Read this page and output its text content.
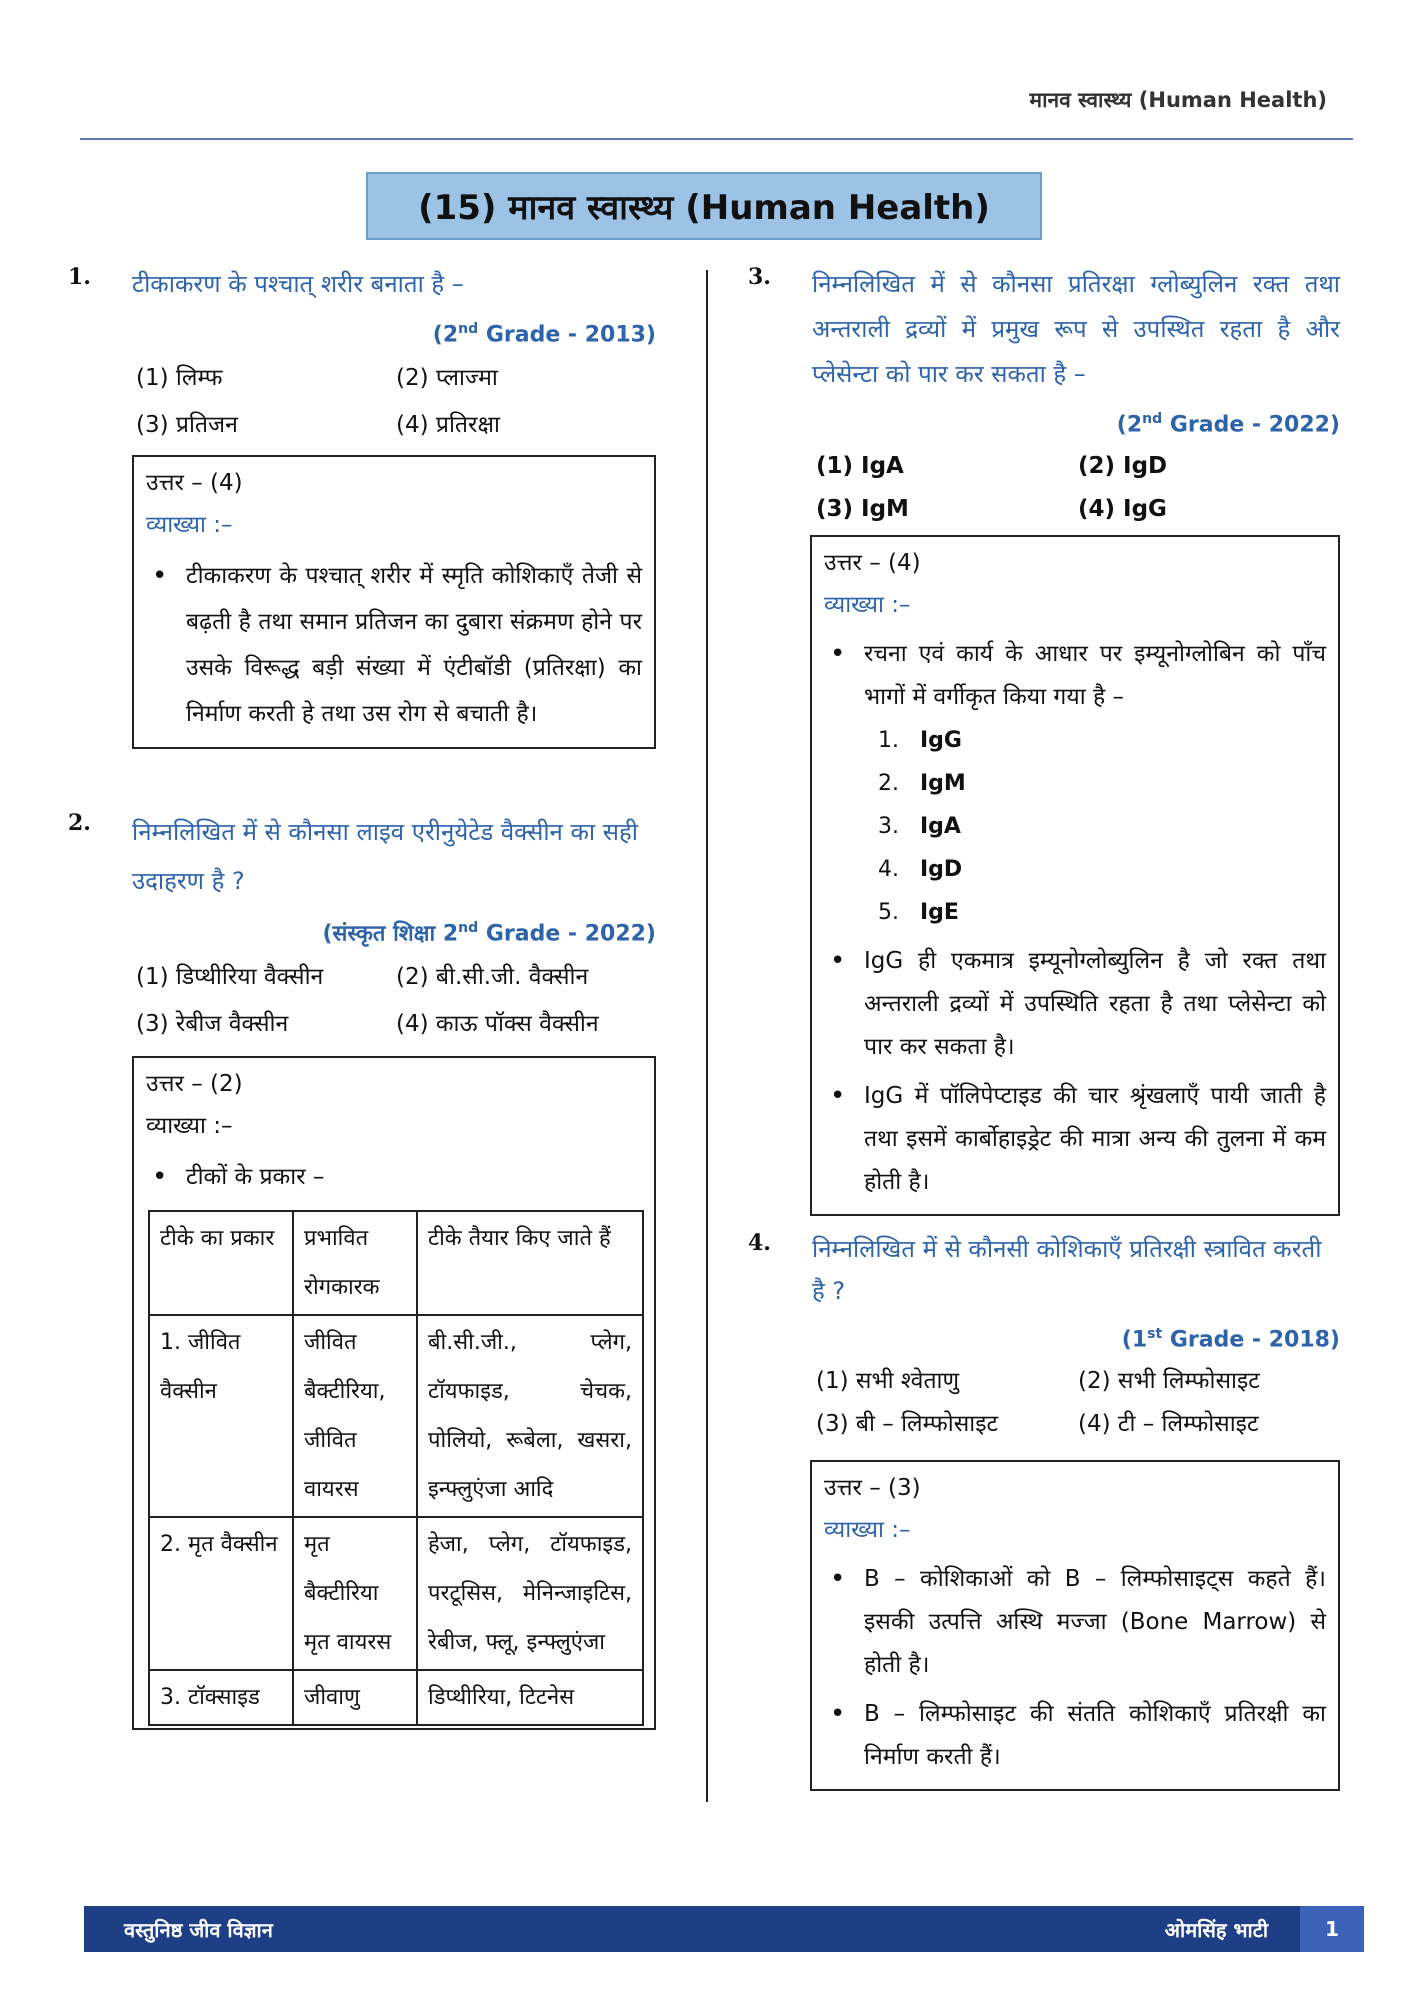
मानव स्वास्थ्य (Human Health)
(15) मानव स्वास्थ्य (Human Health)
1. टीकाकरण के पश्चात् शरीर बनाता है –
(2nd Grade - 2013)
(1) लिम्फ	(2) प्लाज्मा
(3) प्रतिजन	(4) प्रतिरक्षा
उत्तर – (4)
व्याख्या :–
• टीकाकरण के पश्चात् शरीर में स्मृति कोशिकाएँ तेजी से बढ़ती है तथा समान प्रतिजन का दुबारा संक्रमण होने पर उसके विरूद्ध बड़ी संख्या में एंटीबॉडी (प्रतिरक्षा) का निर्माण करती हे तथा उस रोग से बचाती है।
2. निम्नलिखित में से कौनसा लाइव एरीनुयेटेड वैक्सीन का सही उदाहरण है ?
(संस्कृत शिक्षा 2nd Grade - 2022)
(1) डिप्थीरिया वैक्सीन	(2) बी.सी.जी. वैक्सीन
(3) रेबीज वैक्सीन	(4) काऊ पॉक्स वैक्सीन
उत्तर – (2)
व्याख्या :–
• टीकों के प्रकार –
टीके का प्रकार	प्रभावित रोगकारक	टीके तैयार किए जाते हैं
1. जीवित वैक्सीन	जीवित बैक्टीरिया, जीवित वायरस	बी.सी.जी., प्लेग, टॉयफाइड, चेचक, पोलियो, रूबेला, खसरा, इन्फ्लुएंजा आदि
2. मृत वैक्सीन	मृत बैक्टीरिया मृत वायरस	हेजा, प्लेग, टॉयफाइड, परटूसिस, मेनिन्जाइटिस, रेबीज, फ्लू, इन्फ्लुएंजा
3. टॉक्साइड	जीवाणु	डिप्थीरिया, टिटनेस
3. निम्नलिखित में से कौनसा प्रतिरक्षा ग्लोब्युलिन रक्त तथा अन्तराली द्रव्यों में प्रमुख रूप से उपस्थित रहता है और प्लेसेन्टा को पार कर सकता है –
(2nd Grade - 2022)
(1) IgA	(2) IgD
(3) IgM	(4) IgG
उत्तर – (4)
व्याख्या :–
• रचना एवं कार्य के आधार पर इम्यूनोग्लोबिन को पाँच भागों में वर्गीकृत किया गया है –
1. IgG
2. IgM
3. IgA
4. IgD
5. IgE
• IgG ही एकमात्र इम्यूनोग्लोब्युलिन है जो रक्त तथा अन्तराली द्रव्यों में उपस्थिति रहता है तथा प्लेसेन्टा को पार कर सकता है।
• IgG में पॉलिपेप्टाइड की चार श्रृंखलाएँ पायी जाती है तथा इसमें कार्बोहाइड्रेट की मात्रा अन्य की तुलना में कम होती है।
4. निम्नलिखित में से कौनसी कोशिकाएँ प्रतिरक्षी स्त्रावित करती है ?
(1st Grade - 2018)
(1) सभी श्वेताणु	(2) सभी लिम्फोसाइट
(3) बी – लिम्फोसाइट	(4) टी – लिम्फोसाइट
उत्तर – (3)
व्याख्या :–
• B – कोशिकाओं को B – लिम्फोसाइट्स कहते हैं। इसकी उत्पत्ति अस्थि मज्जा (Bone Marrow) से होती है।
• B – लिम्फोसाइट की संतति कोशिकाएँ प्रतिरक्षी का निर्माण करती हैं।
वस्तुनिष्ठ जीव विज्ञान	ओमसिंह भाटी	1
